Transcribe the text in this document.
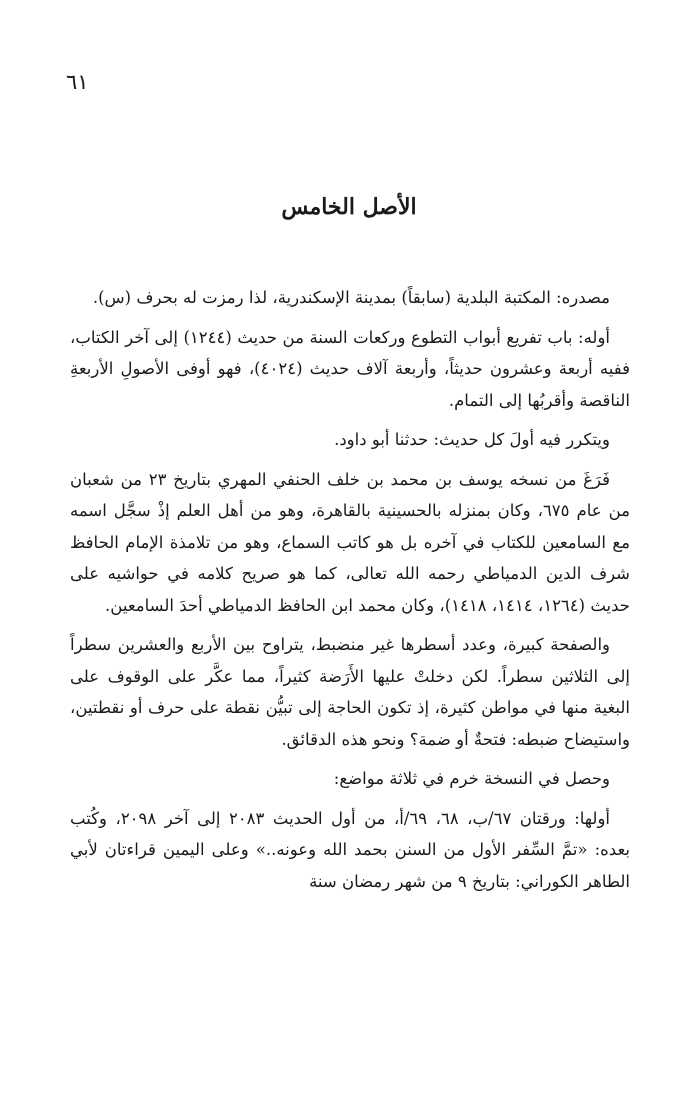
٦١
الأصل الخامس

مصدره: المكتبة البلدية (سابقاً) بمدينة الإسكندرية، لذا رمزت له بحرف (س).

أوله: باب تفريع أبواب التطوع وركعات السنة من حديث (١٢٤٤) إلى آخر الكتاب، ففيه أربعة وعشرون حديثاً، وأربعة آلاف حديث (٤٠٢٤)، فهو أوفى الأصولِ الأربعةِ الناقصة وأقربُها إلى التمام.

ويتكرر فيه أولَ كل حديث: حدثنا أبو داود.

فَرَغَ من نسخه يوسف بن محمد بن خلف الحنفي المهري بتاريخ ٢٣ من شعبان من عام ٦٧٥، وكان بمنزله بالحسينية بالقاهرة، وهو من أهل العلم إذْ سجَّل اسمه مع السامعين للكتاب في آخره بل هو كاتب السماع، وهو من تلامذة الإمام الحافظ شرف الدين الدمياطي رحمه الله تعالى، كما هو صريح كلامه في حواشيه على حديث (١٢٦٤، ١٤١٤، ١٤١٨)، وكان محمد ابن الحافظ الدمياطي أحدَ السامعين.

والصفحة كبيرة، وعدد أسطرها غير منضبط، يتراوح بين الأربع والعشرين سطراً إلى الثلاثين سطراً. لكن دخلتْ عليها الأَرَضة كثيراً، مما عكَّر على الوقوف على البغية منها في مواطن كثيرة، إذ تكون الحاجة إلى تبيُّن نقطة على حرف أو نقطتين، واستيضاح ضبطه: فتحةٌ أو ضمة؟ ونحو هذه الدقائق.

وحصل في النسخة خرم في ثلاثة مواضع:

أولها: ورقتان ٦٧/ب، ٦٨، ٦٩/أ، من أول الحديث ٢٠٨٣ إلى آخر ٢٠٩٨، وكُتب بعده: «تمَّ السِّفر الأول من السنن بحمد الله وعونه..» وعلى اليمين قراءتان لأبي الطاهر الكوراني: بتاريخ ٩ من شهر رمضان سنة
